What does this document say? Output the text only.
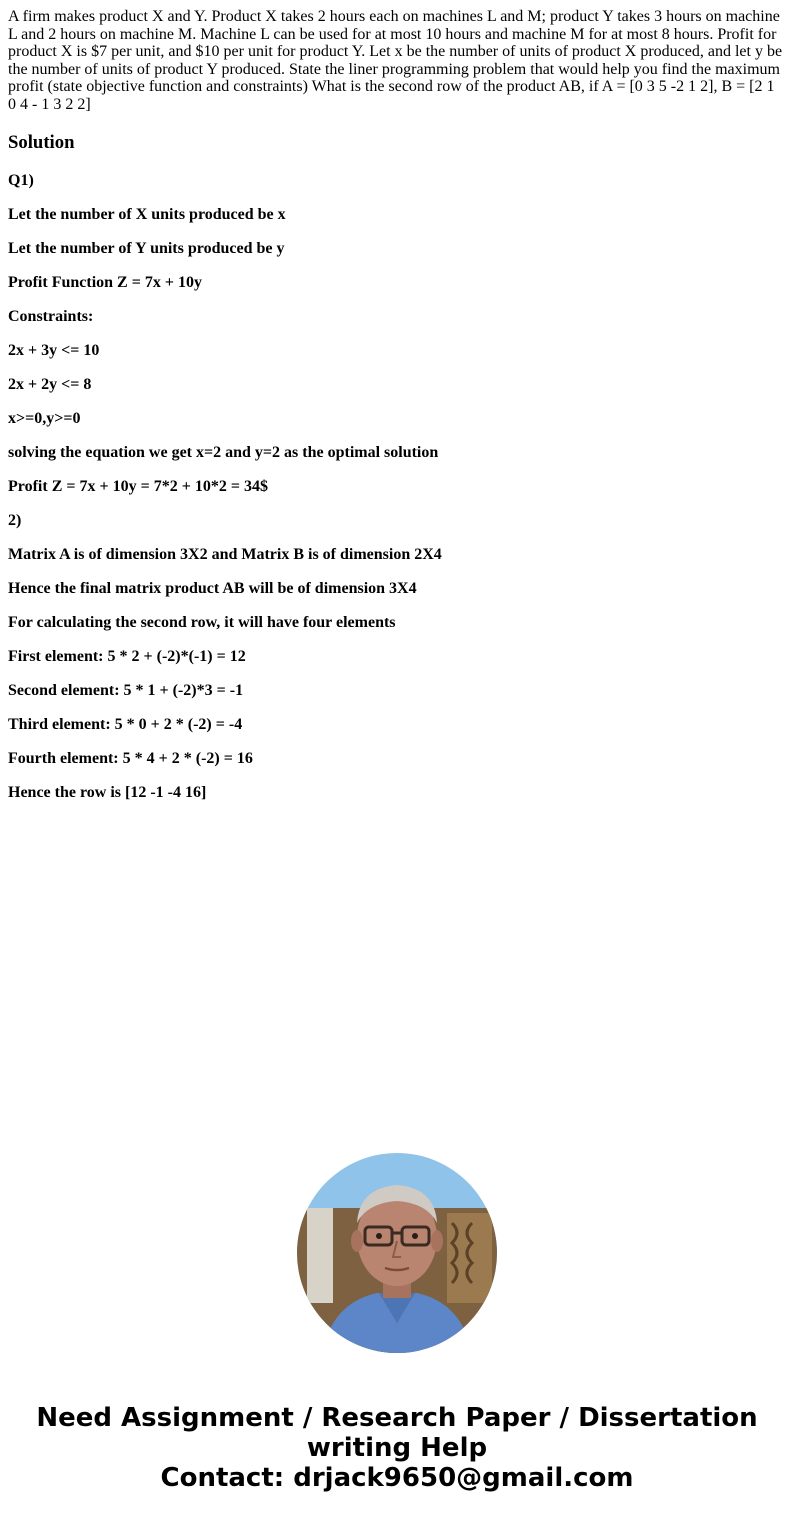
A firm makes product X and Y. Product X takes 2 hours each on machines L and M; product Y takes 3 hours on machine L and 2 hours on machine M. Machine L can be used for at most 10 hours and machine M for at most 8 hours. Profit for product X is $7 per unit, and $10 per unit for product Y. Let x be the number of units of product X produced, and let y be the number of units of product Y produced. State the liner programming problem that would help you find the maximum profit (state objective function and constraints) What is the second row of the product AB, if A = [0 3 5 -2 1 2], B = [2 1 0 4 - 1 3 2 2]

Solution

Q1)

Let the number of X units produced be x

Let the number of Y units produced be y

Profit Function Z = 7x + 10y

Constraints:

2x + 3y <= 10

2x + 2y <= 8

x>=0,y>=0

solving the equation we get x=2 and y=2 as the optimal solution

Profit Z = 7x + 10y = 7*2 + 10*2 = 34$

2)

Matrix A is of dimension 3X2 and Matrix B is of dimension 2X4

Hence the final matrix product AB will be of dimension 3X4

For calculating the second row, it will have four elements

First element: 5 * 2 + (-2)*(-1) = 12

Second element: 5 * 1 + (-2)*3 = -1

Third element: 5 * 0 + 2 * (-2) = -4

Fourth element: 5 * 4 + 2 * (-2) = 16

Hence the row is [12 -1 -4 16]

Need Assignment / Research Paper / Dissertation
writing Help
Contact: drjack9650@gmail.com
